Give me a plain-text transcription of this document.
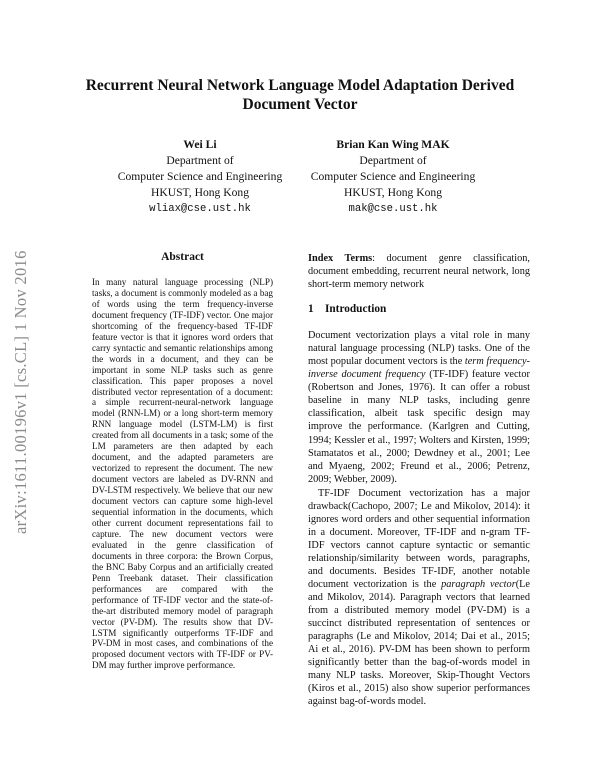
arXiv:1611.00196v1 [cs.CL] 1 Nov 2016
Recurrent Neural Network Language Model Adaptation Derived Document Vector
Wei Li
Department of
Computer Science and Engineering
HKUST, Hong Kong
wliax@cse.ust.hk
Brian Kan Wing MAK
Department of
Computer Science and Engineering
HKUST, Hong Kong
mak@cse.ust.hk
Abstract

In many natural language processing (NLP) tasks, a document is commonly modeled as a bag of words using the term frequency-inverse document frequency (TF-IDF) vector. One major shortcoming of the frequency-based TF-IDF feature vector is that it ignores word orders that carry syntactic and semantic relationships among the words in a document, and they can be important in some NLP tasks such as genre classification. This paper proposes a novel distributed vector representation of a document: a simple recurrent-neural-network language model (RNN-LM) or a long short-term memory RNN language model (LSTM-LM) is first created from all documents in a task; some of the LM parameters are then adapted by each document, and the adapted parameters are vectorized to represent the document. The new document vectors are labeled as DV-RNN and DV-LSTM respectively. We believe that our new document vectors can capture some high-level sequential information in the documents, which other current document representations fail to capture. The new document vectors were evaluated in the genre classification of documents in three corpora: the Brown Corpus, the BNC Baby Corpus and an artificially created Penn Treebank dataset. Their classification performances are compared with the performance of TF-IDF vector and the state-of-the-art distributed memory model of paragraph vector (PV-DM). The results show that DV-LSTM significantly outperforms TF-IDF and PV-DM in most cases, and combinations of the proposed document vectors with TF-IDF or PV-DM may further improve performance.

Index Terms: document genre classification, document embedding, recurrent neural network, long short-term memory network

1 Introduction

Document vectorization plays a vital role in many natural language processing (NLP) tasks. One of the most popular document vectors is the term frequency-inverse document frequency (TF-IDF) feature vector (Robertson and Jones, 1976). It can offer a robust baseline in many NLP tasks, including genre classification, albeit task specific design may improve the performance. (Karlgren and Cutting, 1994; Kessler et al., 1997; Wolters and Kirsten, 1999; Stamatatos et al., 2000; Dewdney et al., 2001; Lee and Myaeng, 2002; Freund et al., 2006; Petrenz, 2009; Webber, 2009).

TF-IDF Document vectorization has a major drawback(Cachopo, 2007; Le and Mikolov, 2014): it ignores word orders and other sequential information in a document. Moreover, TF-IDF and n-gram TF-IDF vectors cannot capture syntactic or semantic relationship/similarity between words, paragraphs, and documents. Besides TF-IDF, another notable document vectorization is the paragraph vector(Le and Mikolov, 2014). Paragraph vectors that learned from a distributed memory model (PV-DM) is a succinct distributed representation of sentences or paragraphs (Le and Mikolov, 2014; Dai et al., 2015; Ai et al., 2016). PV-DM has been shown to perform significantly better than the bag-of-words model in many NLP tasks. Moreover, Skip-Thought Vectors (Kiros et al., 2015) also show superior performances against bag-of-words model.
